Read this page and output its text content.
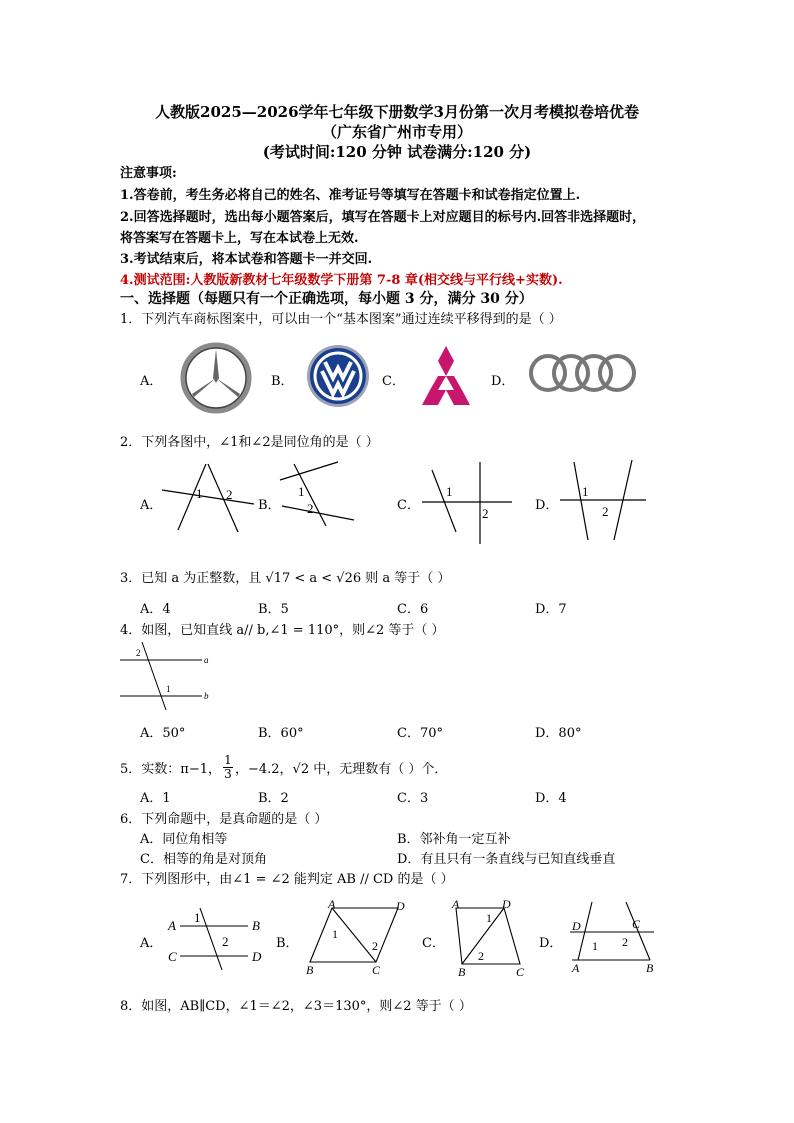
人教版2025—2026学年七年级下册数学3月份第一次月考模拟卷培优卷
（广东省广州市专用）
(考试时间:120 分钟 试卷满分:120 分)
注意事项:
1.答卷前，考生务必将自己的姓名、准考证号等填写在答题卡和试卷指定位置上.
2.回答选择题时，选出每小题答案后，填写在答题卡上对应题目的标号内.回答非选择题时，
将答案写在答题卡上，写在本试卷上无效.
3.考试结束后，将本试卷和答题卡一并交回.
4.测试范围:人教版新教材七年级数学下册第 7-8 章(相交线与平行线+实数).
一、选择题（每题只有一个正确选项，每小题 3 分，满分 30 分）
1．下列汽车商标图案中，可以由一个“基本图案”通过连续平移得到的是（ ）
A．	B．	C．	D．
2．下列各图中，∠1和∠2是同位角的是（ ）
A．	B．	C．	D．
1 2	1
2
1
2
1
2
3．已知 a 为正整数，且 √17 < a < √26 则 a 等于（ ）
A．4	B．5	C．6	D．7
4．如图，已知直线 a// b,∠1 = 110°，则∠2 等于（ ）
2
1
a
b
A．50°	B．60°	C．70°	D．80°
5．实数：π−1，
1
3 ，−4.2，√2 中，无理数有（ ）个．
A．1	B．2	C．3	D．4
6．下列命题中，是真命题的是（ ）
A．同位角相等	B．邻补角一定互补
C．相等的角是对顶角	D．有且只有一条直线与已知直线垂直
7．下列图形中，由∠1 = ∠2 能判定 AB // CD 的是（ ）
A．	B．	C．	D．
A	B
C	D
1
2
A	D
B	C
1
2
A	D
B	C
1
2
D	C
A	B
1 2
8．如图，AB∥CD，∠1＝∠2，∠3＝130°，则∠2 等于（ ）
